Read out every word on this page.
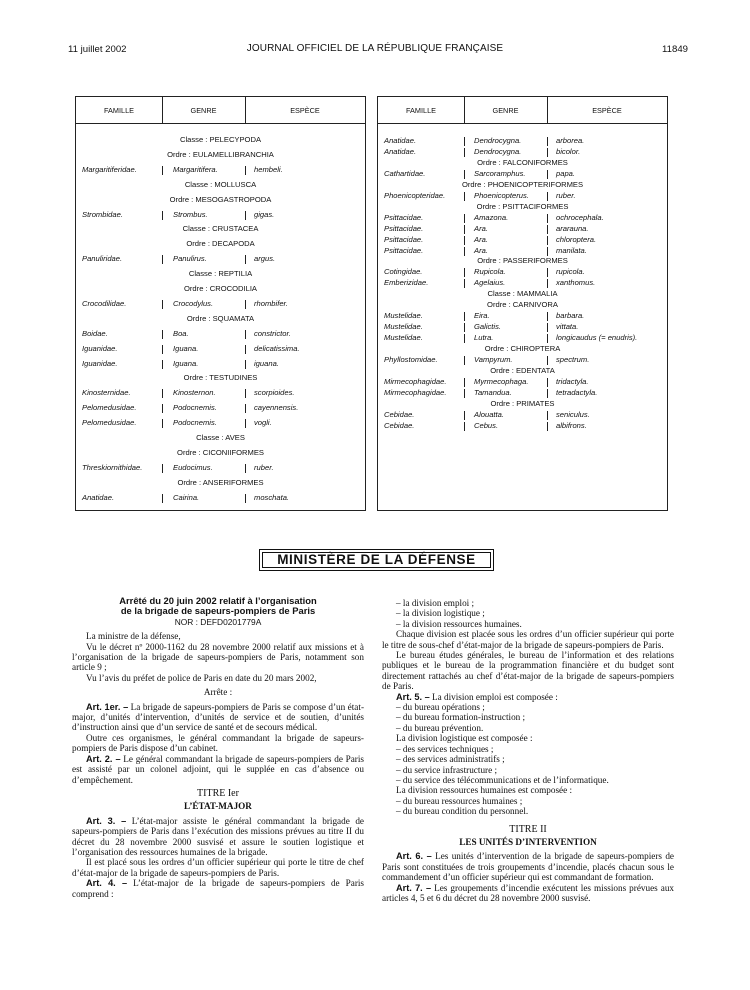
11 juillet 2002	JOURNAL OFFICIEL DE LA RÉPUBLIQUE FRANÇAISE	11849
FAMILLE	GENRE	ESPÈCE
Classe : PELECYPODA
Ordre : EULAMELLIBRANCHIA
Margaritiferidae.	Margaritifera.	hembeli.
Classe : MOLLUSCA
Ordre : MESOGASTROPODA
Strombidae.	Strombus.	gigas.
Classe : CRUSTACEA
Ordre : DECAPODA
Panuliridae.	Panulirus.	argus.
Classe : REPTILIA
Ordre : CROCODILIA
Crocodilidae.	Crocodylus.	rhombifer.
Ordre : SQUAMATA
Boidae.	Boa.	constrictor.
Iguanidae.	Iguana.	delicatissima.
Iguanidae.	Iguana.	iguana.
Ordre : TESTUDINES
Kinosternidae.	Kinosternon.	scorpioides.
Pelomedusidae.	Podocnemis.	cayennensis.
Pelomedusidae.	Podocnemis.	vogli.
Classe : AVES
Ordre : CICONIIFORMES
Threskiornithidae.	Eudocimus.	ruber.
Ordre : ANSERIFORMES
Anatidae.	Cairina.	moschata.
FAMILLE	GENRE	ESPÈCE
Anatidae.	Dendrocygna.	arborea.
Anatidae.	Dendrocygna.	bicolor.
Ordre : FALCONIFORMES
Cathartidae.	Sarcoramphus.	papa.
Ordre : PHOENICOPTERIFORMES
Phoenicopteridae.	Phoenicopterus.	ruber.
Ordre : PSITTACIFORMES
Psittacidae.	Amazona.	ochrocephala.
Psittacidae.	Ara.	ararauna.
Psittacidae.	Ara.	chloroptera.
Psittacidae.	Ara.	manilata.
Ordre : PASSERIFORMES
Cotingidae.	Rupicola.	rupicola.
Emberizidae.	Agelaius.	xanthomus.
Classe : MAMMALIA
Ordre : CARNIVORA
Mustelidae.	Eira.	barbara.
Mustelidae.	Galictis.	vittata.
Mustelidae.	Lutra.	longicaudus (= enudris).
Ordre : CHIROPTERA
Phyllostomidae.	Vampyrum.	spectrum.
Ordre : EDENTATA
Mirmecophagidae.	Myrmecophaga.	tridactyla.
Mirmecophagidae.	Tamandua.	tetradactyla.
Ordre : PRIMATES
Cebidae.	Alouatta.	seniculus.
Cebidae.	Cebus.	albifrons.
MINISTÈRE DE LA DÉFENSE

Arrêté du 20 juin 2002 relatif à l’organisation

de la brigade de sapeurs-pompiers de Paris

NOR : DEFD0201779A

La ministre de la défense,

Vu le décret nº 2000-1162 du 28 novembre 2000 relatif aux missions et à l’organisation de la brigade de sapeurs-pompiers de Paris, notamment son article 9 ;

Vu l’avis du préfet de police de Paris en date du 20 mars 2002,

Arrête :

Art. 1er. – La brigade de sapeurs-pompiers de Paris se compose d’un état-major, d’unités d’intervention, d’unités de service et de soutien, d’unités d’instruction ainsi que d’un service de santé et de secours médical.

Outre ces organismes, le général commandant la brigade de sapeurs-pompiers de Paris dispose d’un cabinet.

Art. 2. – Le général commandant la brigade de sapeurs-pompiers de Paris est assisté par un colonel adjoint, qui le supplée en cas d’absence ou d’empêchement.

TITRE Ier

L’ÉTAT-MAJOR

Art. 3. – L’état-major assiste le général commandant la brigade de sapeurs-pompiers de Paris dans l’exécution des missions prévues au titre II du décret du 28 novembre 2000 susvisé et assure le soutien logistique et l’organisation des ressources humaines de la brigade.

Il est placé sous les ordres d’un officier supérieur qui porte le titre de chef d’état-major de la brigade de sapeurs-pompiers de Paris.

Art. 4. – L’état-major de la brigade de sapeurs-pompiers de Paris comprend :

– la division emploi ;

– la division logistique ;

– la division ressources humaines.

Chaque division est placée sous les ordres d’un officier supérieur qui porte le titre de sous-chef d’état-major de la brigade de sapeurs-pompiers de Paris.

Le bureau études générales, le bureau de l’information et des relations publiques et le bureau de la programmation financière et du budget sont directement rattachés au chef d’état-major de la brigade de sapeurs-pompiers de Paris.

Art. 5. – La division emploi est composée :

– du bureau opérations ;

– du bureau formation-instruction ;

– du bureau prévention.

La division logistique est composée :

– des services techniques ;

– des services administratifs ;

– du service infrastructure ;

– du service des télécommunications et de l’informatique.

La division ressources humaines est composée :

– du bureau ressources humaines ;

– du bureau condition du personnel.

TITRE II

LES UNITÉS D’INTERVENTION

Art. 6. – Les unités d’intervention de la brigade de sapeurs-pompiers de Paris sont constituées de trois groupements d’incendie, placés chacun sous le commandement d’un officier supérieur qui est commandant de formation.

Art. 7. – Les groupements d’incendie exécutent les missions prévues aux articles 4, 5 et 6 du décret du 28 novembre 2000 susvisé.
